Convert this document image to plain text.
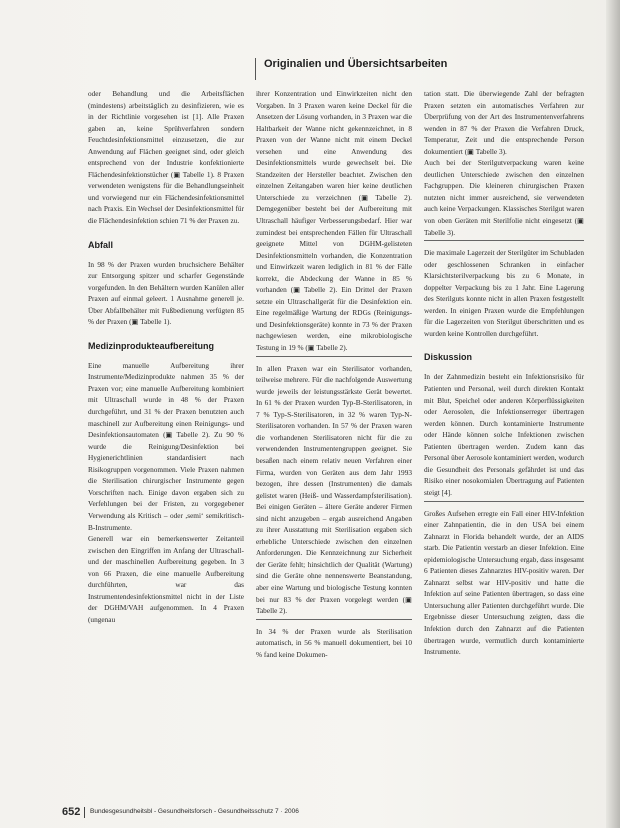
Originalien und Übersichtsarbeiten

oder Behandlung und die Arbeitsflächen (mindestens) arbeitstäglich zu desinfizieren, wie es in der Richtlinie vorgesehen ist [1]. Alle Praxen gaben an, keine Sprühverfahren sondern Feuchtdesinfektionsmittel einzusetzen, die zur Anwendung auf Flächen geeignet sind, oder gleich entsprechend von der Industrie konfektionierte Flächendesinfektionstücher (▣ Tabelle 1). 8 Praxen verwendeten wenigstens für die Behandlungseinheit und vorwiegend nur ein Flächendesinfektionsmittel nach Praxis. Ein Wechsel der Desinfektionsmittel für die Flächendesinfektion schien 71 % der Praxen zu.

Abfall

In 98 % der Praxen wurden bruchsichere Behälter zur Entsorgung spitzer und scharfer Gegenstände vorgefunden. In den Behältern wurden Kanülen aller Praxen auf einmal geleert. 1 Ausnahme generell je. Über Abfallbehälter mit Fußbedienung verfügten 85 % der Praxen (▣ Tabelle 1).

Medizinprodukteaufbereitung

Eine manuelle Aufbereitung ihrer Instrumente/Medizinprodukte nahmen 35 % der Praxen vor; eine manuelle Aufbereitung kombiniert mit Ultraschall wurde in 48 % der Praxen durchgeführt, und 31 % der Praxen benutzten auch maschinell zur Aufbereitung einen Reinigungs- und Desinfektionsautomaten (▣ Tabelle 2). Zu 90 % wurde die Reinigung/Desinfektion bei Hygienerichtlinien standardisiert nach Risikogruppen vorgenommen. Viele Praxen nahmen die Sterilisation chirurgischer Instrumente gegen Vorschriften nach. Einige davon ergaben sich zu Verfehlungen bei der Fristen, zu vorgegebener Verwendung als Kritisch – oder ,semi‘ semikritisch-B-Instrumente.

Generell war ein bemerkenswerter Zeitanteil zwischen den Eingriffen im Anfang der Ultraschall- und der maschinellen Aufbereitung gegeben. In 3 von 66 Praxen, die eine manuelle Aufbereitung durchführten, war das Instrumentendesinfektionsmittel nicht in der Liste der DGHM/VAH aufgenommen. In 4 Praxen (ungenau

ihrer Konzentration und Einwirkzeiten nicht den Vorgaben. In 3 Praxen waren keine Deckel für die Ansetzen der Lösung vorhanden, in 3 Praxen war die Haltbarkeit der Wanne nicht gekennzeichnet, in 8 Praxen von der Wanne nicht mit einem Deckel versehen und eine Anwendung des Desinfektionsmittels wurde gewechselt bei. Die Standzeiten der Hersteller beachtet. Zwischen den einzelnen Zeitangaben waren hier keine deutlichen Unterschiede zu verzeichnen (▣ Tabelle 2). Demgegenüber besteht bei der Aufbereitung mit Ultraschall häufiger Verbesserungsbedarf. Hier war zumindest bei entsprechenden Fällen für Ultraschall geeignete Mittel von DGHM-gelisteten Desinfektionsmitteln vorhanden, die Konzentration und Einwirkzeit waren lediglich in 81 % der Fälle korrekt, die Abdeckung der Wanne in 85 % vorhanden (▣ Tabelle 2). Ein Drittel der Praxen setzte ein Ultraschallgerät für die Desinfektion ein. Eine regelmäßige Wartung der RDGs (Reinigungs- und Desinfektionsgeräte) konnte in 73 % der Praxen nachgewiesen werden, eine mikrobiologische Testung in 19 % (▣ Tabelle 2).

In allen Praxen war ein Sterilisator vorhanden, teilweise mehrere. Für die nachfolgende Auswertung wurde jeweils der leistungsstärkste Gerät bewertet. In 61 % der Praxen wurden Typ-B-Sterilisatoren, in 7 % Typ-S-Sterilisatoren, in 32 % waren Typ-N-Sterilisatoren vorhanden. In 57 % der Praxen waren die vorhandenen Sterilisatoren nicht für die zu verwendenden Instrumentengruppen geeignet. Sie besaßen nach einem relativ neuen Verfahren einer Firma, wurden von Geräten aus dem Jahr 1993 bezogen, ihre dessen (Instrumenten) die damals gelistet waren (Heiß- und Wasserdampfsterilisation). Bei einigen Geräten – ältere Geräte anderer Firmen sind nicht anzugeben – ergab ausreichend Angaben zu ihrer Ausstattung mit Sterilisation ergaben sich erhebliche Unterschiede zwischen den einzelnen Anforderungen. Die Kennzeichnung zur Sicherheit der Geräte fehlt; hinsichtlich der Qualität (Wartung) sind die Geräte ohne nennenswerte Beanstandung, aber eine Wartung und biologische Testung konnten bei nur 83 % der Praxen vorgelegt werden (▣ Tabelle 2).

In 34 % der Praxen wurde als Sterilisation automatisch, in 56 % manuell dokumentiert, bei 10 % fand keine Dokumen-

tation statt. Die überwiegende Zahl der befragten Praxen setzten ein automatisches Verfahren zur Überprüfung von der Art des Instrumentenverfahrens wenden in 87 % der Praxen die Verfahren Druck, Temperatur, Zeit und die entsprechende Person dokumentiert (▣ Tabelle 3).

Auch bei der Sterilgutverpackung waren keine deutlichen Unterschiede zwischen den einzelnen Fachgruppen. Die kleineren chirurgischen Praxen nutzten nicht immer ausreichend, sie verwendeten auch keine Verpackungen. Klassisches Sterilgut waren von oben Geräten mit Sterilfolie nicht eingesetzt (▣ Tabelle 3).

Die maximale Lagerzeit der Sterilgüter im Schubladen oder geschlossenen Schranken in einfacher Klarsichtsterilverpackung bis zu 6 Monate, in doppelter Verpackung bis zu 1 Jahr. Eine Lagerung des Sterilguts konnte nicht in allen Praxen festgestellt werden. In einigen Praxen wurde die Empfehlungen für die Lagerzeiten von Sterilgut überschritten und es wurden keine Kontrollen durchgeführt.

Diskussion

In der Zahnmedizin besteht ein Infektionsrisiko für Patienten und Personal, weil durch direkten Kontakt mit Blut, Speichel oder anderen Körperflüssigkeiten oder Aerosolen, die Infektionserreger übertragen werden können. Durch kontaminierte Instrumente oder Hände können solche Infektionen zwischen Patienten übertragen werden. Zudem kann das Personal über Aerosole kontaminiert werden, wodurch die Gesundheit des Personals gefährdet ist und das Risiko einer nosokomialen Übertragung auf Patienten steigt [4].

Großes Aufsehen erregte ein Fall einer HIV-Infektion einer Zahnpatientin, die in den USA bei einem Zahnarzt in Florida behandelt wurde, der an AIDS starb. Die Patientin verstarb an dieser Infektion. Eine epidemiologische Untersuchung ergab, dass insgesamt 6 Patienten dieses Zahnarztes HIV-positiv waren. Der Zahnarzt selbst war HIV-positiv und hatte die Infektion auf seine Patienten übertragen, so dass eine Untersuchung aller Patienten durchgeführt wurde. Die Ergebnisse dieser Untersuchung zeigten, dass die Infektion durch den Zahnarzt auf die Patienten übertragen wurde, vermutlich durch kontaminierte Instrumente.

652 Bundesgesundheitsbl - Gesundheitsforsch - Gesundheitsschutz 7 · 2006
